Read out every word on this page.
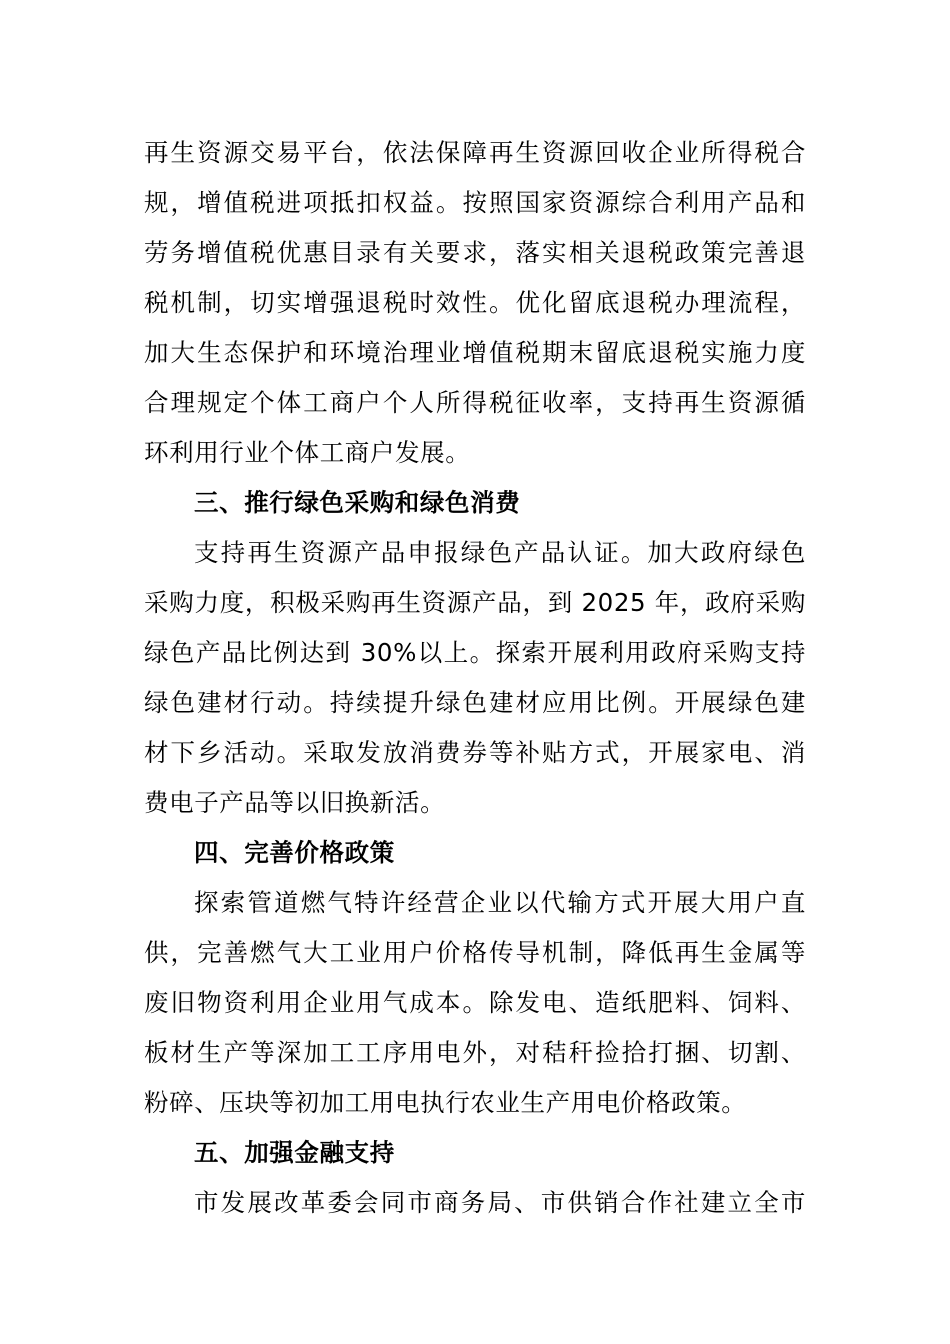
再生资源交易平台，依法保障再生资源回收企业所得税合
规，增值税进项抵扣权益。按照国家资源综合利用产品和
劳务增值税优惠目录有关要求，落实相关退税政策完善退
税机制，切实增强退税时效性。优化留底退税办理流程，
加大生态保护和环境治理业增值税期末留底退税实施力度
合理规定个体工商户个人所得税征收率，支持再生资源循
环利用行业个体工商户发展。
三、推行绿色采购和绿色消费
支持再生资源产品申报绿色产品认证。加大政府绿色
采购力度，积极采购再生资源产品，到 2025 年，政府采购
绿色产品比例达到 30%以上。探索开展利用政府采购支持
绿色建材行动。持续提升绿色建材应用比例。开展绿色建
材下乡活动。采取发放消费券等补贴方式，开展家电、消
费电子产品等以旧换新活。
四、完善价格政策
探索管道燃气特许经营企业以代输方式开展大用户直
供，完善燃气大工业用户价格传导机制，降低再生金属等
废旧物资利用企业用气成本。除发电、造纸肥料、饲料、
板材生产等深加工工序用电外，对秸秆捡拾打捆、切割、
粉碎、压块等初加工用电执行农业生产用电价格政策。
五、加强金融支持
市发展改革委会同市商务局、市供销合作社建立全市
